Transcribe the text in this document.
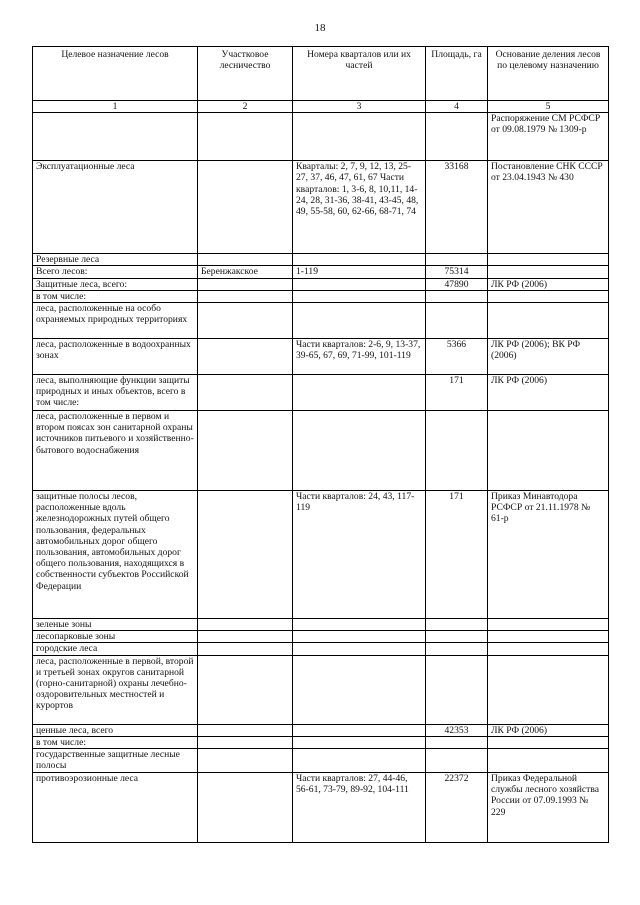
18
Целевое назначение лесов	Участковое лесничество	Номера кварталов или их частей	Площадь, га	Основание деления лесов по целевому назначению
1	2	3	4	5
				Распоряжение СМ РСФСР от 09.08.1979 № 1309-р
Эксплуатационные леса		Кварталы: 2, 7, 9, 12, 13, 25-27, 37, 46, 47, 61, 67 Части кварталов: 1, 3-6, 8, 10,11, 14-24, 28, 31-36, 38-41, 43-45, 48, 49, 55-58, 60, 62-66, 68-71, 74	33168	Постановление СНК СССР от 23.04.1943 № 430
Резервные леса				
Всего лесов:	Беренжакское	1-119	75314	
Защитные леса, всего:			47890	ЛК РФ (2006)
в том числе:				
леса, расположенные на особо охраняемых природных территориях				
леса, расположенные в водоохранных зонах		Части кварталов: 2-6, 9, 13-37, 39-65, 67, 69, 71-99, 101-119	5366	ЛК РФ (2006); ВК РФ (2006)
леса, выполняющие функции защиты природных и иных объектов, всего в том числе:			171	ЛК РФ (2006)
леса, расположенные в первом и втором поясах зон санитарной охраны источников питьевого и хозяйственно-бытового водоснабжения				
защитные полосы лесов, расположенные вдоль железнодорожных путей общего пользования, федеральных автомобильных дорог общего пользования, автомобильных дорог общего пользования, находящихся в собственности субъектов Российской Федерации		Части кварталов: 24, 43, 117-119	171	Приказ Минавтодора РСФСР от 21.11.1978 № 61-р
зеленые зоны				
лесопарковые зоны				
городские леса				
леса, расположенные в первой, второй и третьей зонах округов санитарной (горно-санитарной) охраны лечебно-оздоровительных местностей и курортов				
ценные леса, всего			42353	ЛК РФ (2006)
в том числе:				
государственные защитные лесные полосы				
противоэрозионные леса		Части кварталов: 27, 44-46, 56-61, 73-79, 89-92, 104-111	22372	Приказ Федеральной службы лесного хозяйства России от 07.09.1993 № 229
